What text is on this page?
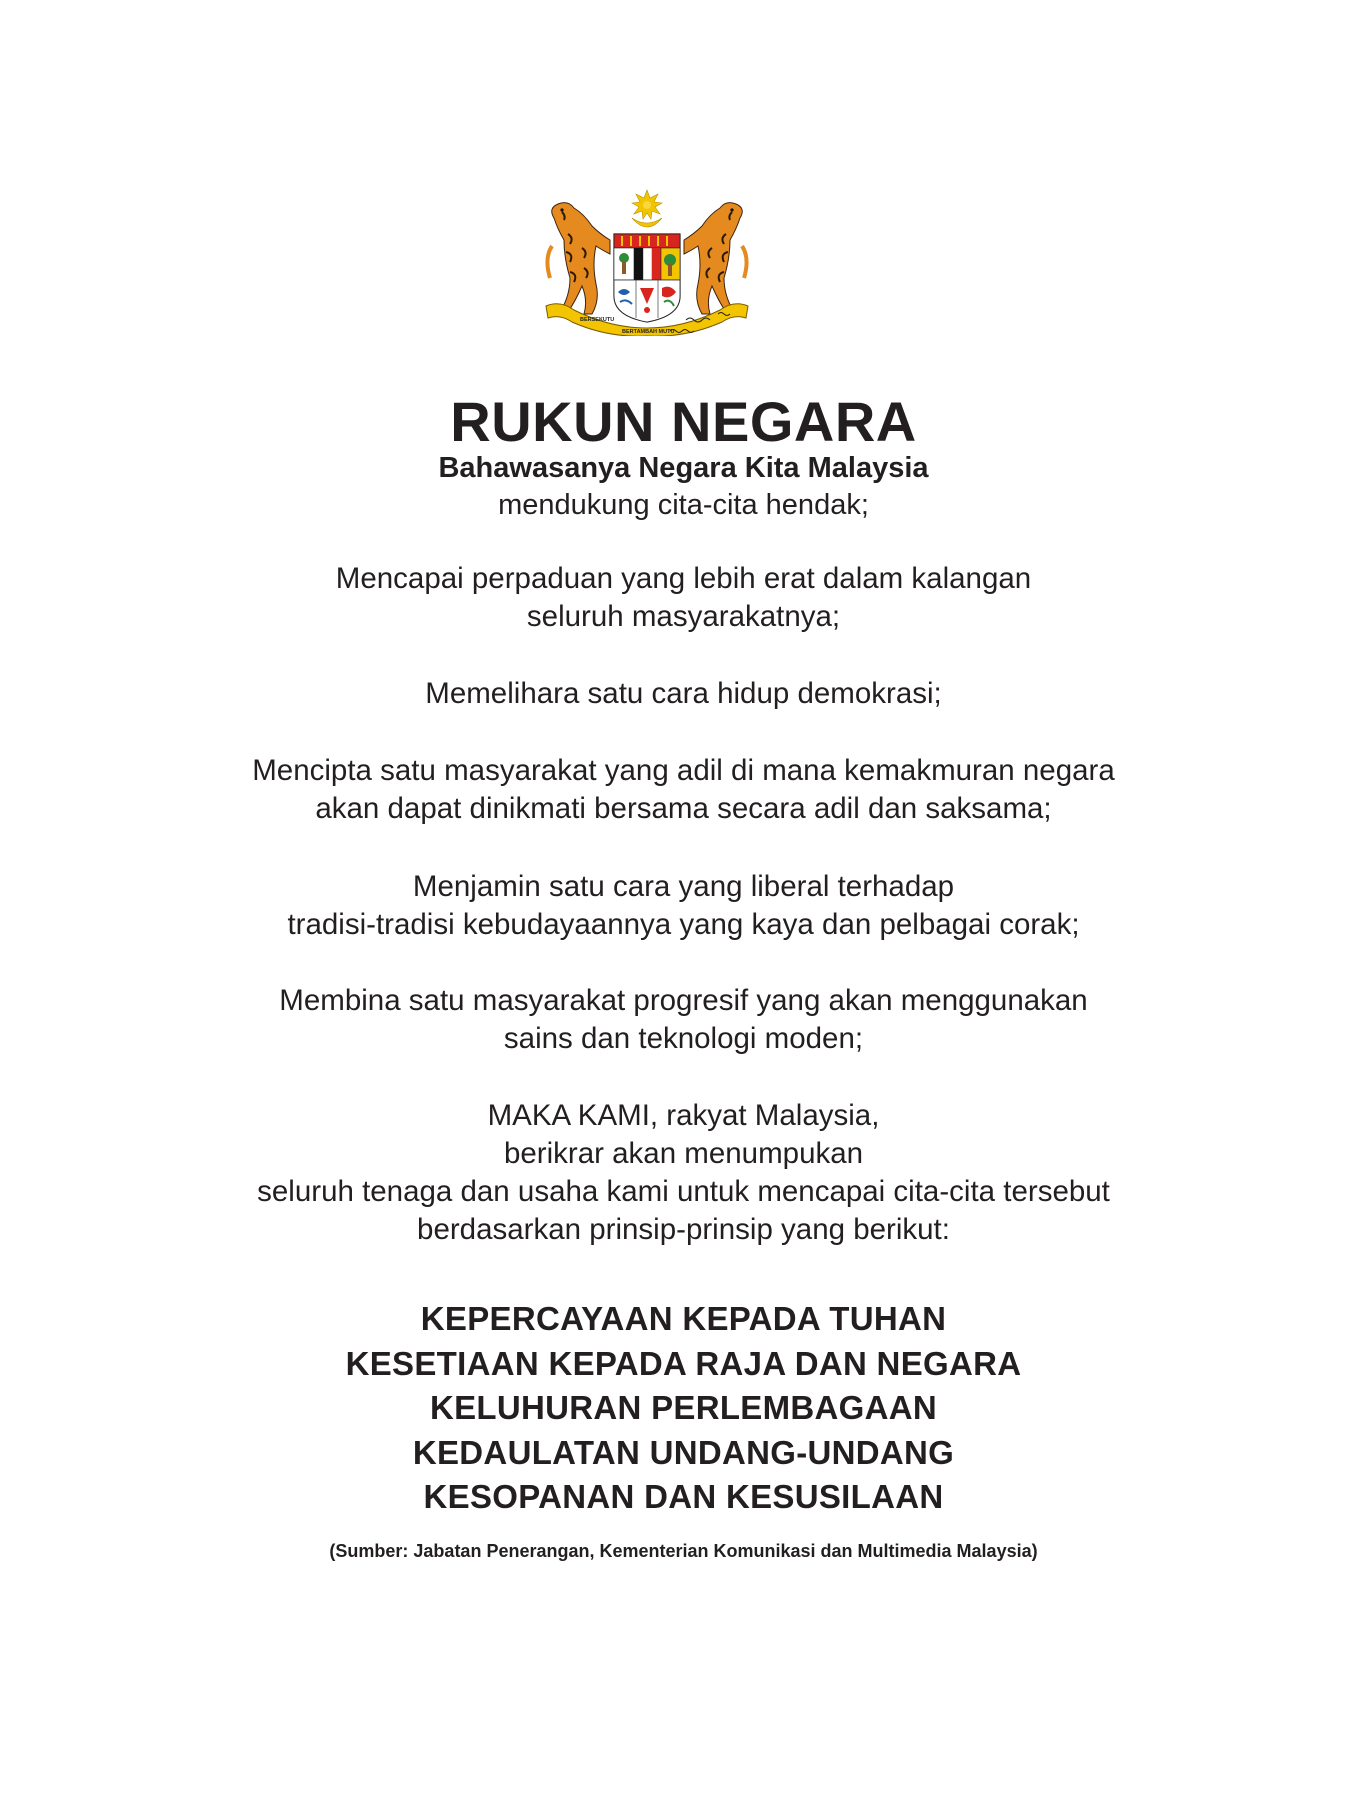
BERSEKUTU
BERTAMBAH MUTU
RUKUN NEGARA
Bahawasanya Negara Kita Malaysia
mendukung cita-cita hendak;
Mencapai perpaduan yang lebih erat dalam kalangan
seluruh masyarakatnya;
Memelihara satu cara hidup demokrasi;
Mencipta satu masyarakat yang adil di mana kemakmuran negara
akan dapat dinikmati bersama secara adil dan saksama;
Menjamin satu cara yang liberal terhadap
tradisi-tradisi kebudayaannya yang kaya dan pelbagai corak;
Membina satu masyarakat progresif yang akan menggunakan
sains dan teknologi moden;
MAKA KAMI, rakyat Malaysia,
berikrar akan menumpukan
seluruh tenaga dan usaha kami untuk mencapai cita-cita tersebut
berdasarkan prinsip-prinsip yang berikut:
KEPERCAYAAN KEPADA TUHAN
KESETIAAN KEPADA RAJA DAN NEGARA
KELUHURAN PERLEMBAGAAN
KEDAULATAN UNDANG-UNDANG
KESOPANAN DAN KESUSILAAN
(Sumber: Jabatan Penerangan, Kementerian Komunikasi dan Multimedia Malaysia)
